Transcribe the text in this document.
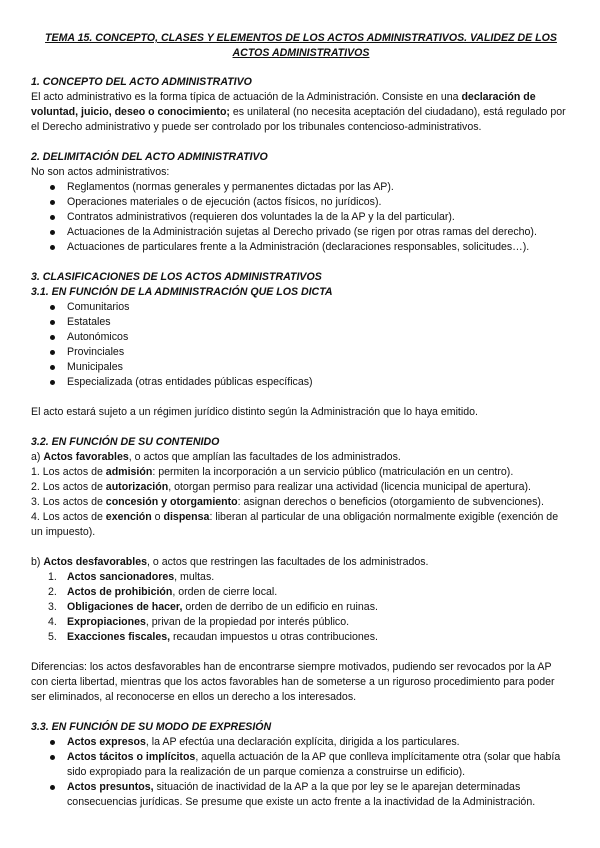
TEMA 15. CONCEPTO, CLASES Y ELEMENTOS DE LOS ACTOS ADMINISTRATIVOS. VALIDEZ DE LOS ACTOS ADMINISTRATIVOS

1. CONCEPTO DEL ACTO ADMINISTRATIVO

El acto administrativo es la forma típica de actuación de la Administración. Consiste en una declaración de voluntad, juicio, deseo o conocimiento; es unilateral (no necesita aceptación del ciudadano), está regulado por el Derecho administrativo y puede ser controlado por los tribunales contencioso-administrativos.

2. DELIMITACIÓN DEL ACTO ADMINISTRATIVO

No son actos administrativos:

Reglamentos (normas generales y permanentes dictadas por las AP).
Operaciones materiales o de ejecución (actos físicos, no jurídicos).
Contratos administrativos (requieren dos voluntades la de la AP y la del particular).
Actuaciones de la Administración sujetas al Derecho privado (se rigen por otras ramas del derecho).
Actuaciones de particulares frente a la Administración (declaraciones responsables, solicitudes…).

3. CLASIFICACIONES DE LOS ACTOS ADMINISTRATIVOS

3.1. EN FUNCIÓN DE LA ADMINISTRACIÓN QUE LOS DICTA

Comunitarios
Estatales
Autonómicos
Provinciales
Municipales
Especializada (otras entidades públicas específicas)

El acto estará sujeto a un régimen jurídico distinto según la Administración que lo haya emitido.

3.2. EN FUNCIÓN DE SU CONTENIDO

a) Actos favorables, o actos que amplían las facultades de los administrados.

1. Los actos de admisión: permiten la incorporación a un servicio público (matriculación en un centro).

2. Los actos de autorización, otorgan permiso para realizar una actividad (licencia municipal de apertura).

3. Los actos de concesión y otorgamiento: asignan derechos o beneficios (otorgamiento de subvenciones).

4. Los actos de exención o dispensa: liberan al particular de una obligación normalmente exigible (exención de un impuesto).

b) Actos desfavorables, o actos que restringen las facultades de los administrados.

1. Actos sancionadores, multas.
2. Actos de prohibición, orden de cierre local.
3. Obligaciones de hacer, orden de derribo de un edificio en ruinas.
4. Expropiaciones, privan de la propiedad por interés público.
5. Exacciones fiscales, recaudan impuestos u otras contribuciones.

Diferencias: los actos desfavorables han de encontrarse siempre motivados, pudiendo ser revocados por la AP con cierta libertad, mientras que los actos favorables han de someterse a un riguroso procedimiento para poder ser eliminados, al reconocerse en ellos un derecho a los interesados.

3.3. EN FUNCIÓN DE SU MODO DE EXPRESIÓN

Actos expresos, la AP efectúa una declaración explícita, dirigida a los particulares.
Actos tácitos o implícitos, aquella actuación de la AP que conlleva implícitamente otra (solar que había sido expropiado para la realización de un parque comienza a construirse un edificio).
Actos presuntos, situación de inactividad de la AP a la que por ley se le aparejan determinadas consecuencias jurídicas. Se presume que existe un acto frente a la inactividad de la Administración.
